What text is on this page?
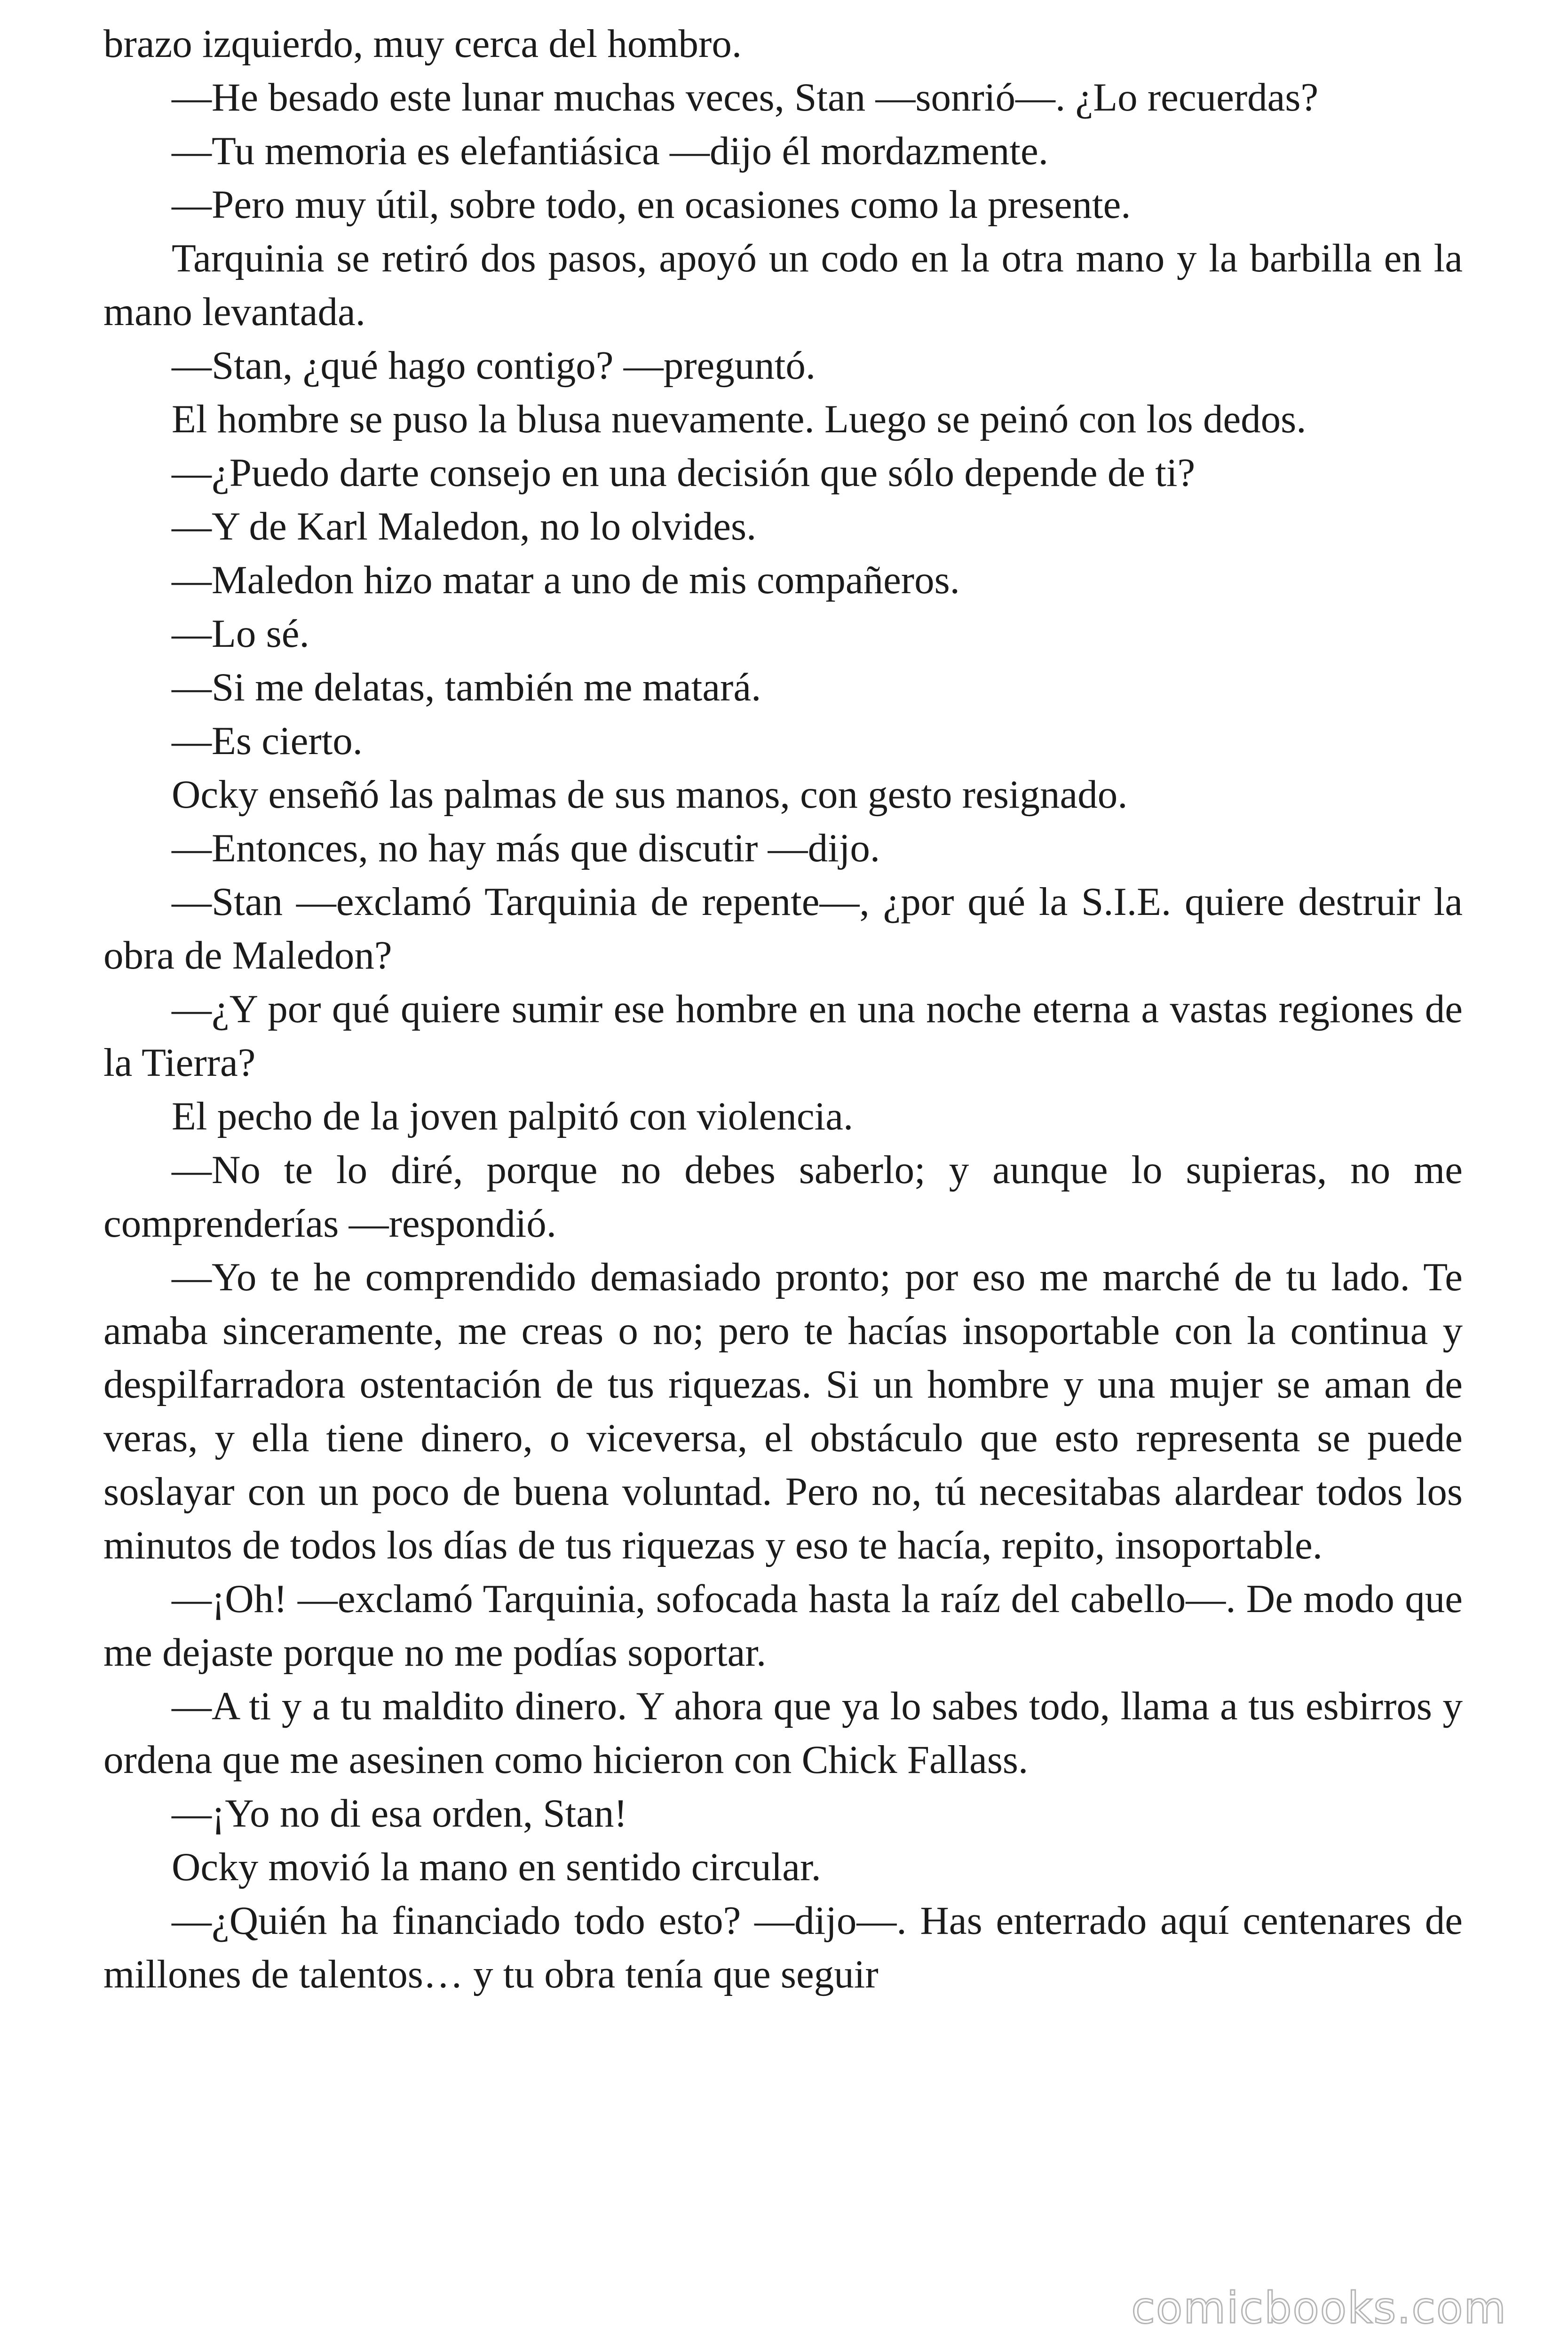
brazo izquierdo, muy cerca del hombro.

—He besado este lunar muchas veces, Stan —sonrió—. ¿Lo recuerdas?

—Tu memoria es elefantiásica —dijo él mordazmente.

—Pero muy útil, sobre todo, en ocasiones como la presente.

Tarquinia se retiró dos pasos, apoyó un codo en la otra mano y la barbilla en la mano levantada.

—Stan, ¿qué hago contigo? —preguntó.

El hombre se puso la blusa nuevamente. Luego se peinó con los dedos.

—¿Puedo darte consejo en una decisión que sólo depende de ti?

—Y de Karl Maledon, no lo olvides.

—Maledon hizo matar a uno de mis compañeros.

—Lo sé.

—Si me delatas, también me matará.

—Es cierto.

Ocky enseñó las palmas de sus manos, con gesto resignado.

—Entonces, no hay más que discutir —dijo.

—Stan —exclamó Tarquinia de repente—, ¿por qué la S.I.E. quiere destruir la obra de Maledon?

—¿Y por qué quiere sumir ese hombre en una noche eterna a vastas regiones de la Tierra?

El pecho de la joven palpitó con violencia.

—No te lo diré, porque no debes saberlo; y aunque lo supieras, no me comprenderías —respondió.

—Yo te he comprendido demasiado pronto; por eso me marché de tu lado. Te amaba sinceramente, me creas o no; pero te hacías insoportable con la continua y despilfarradora ostentación de tus riquezas. Si un hombre y una mujer se aman de veras, y ella tiene dinero, o viceversa, el obstáculo que esto representa se puede soslayar con un poco de buena voluntad. Pero no, tú necesitabas alardear todos los minutos de todos los días de tus riquezas y eso te hacía, repito, insoportable.

—¡Oh! —exclamó Tarquinia, sofocada hasta la raíz del cabello—. De modo que me dejaste porque no me podías soportar.

—A ti y a tu maldito dinero. Y ahora que ya lo sabes todo, llama a tus esbirros y ordena que me asesinen como hicieron con Chick Fallass.

—¡Yo no di esa orden, Stan!

Ocky movió la mano en sentido circular.

—¿Quién ha financiado todo esto? —dijo—. Has enterrado aquí centenares de millones de talentos… y tu obra tenía que seguir

comicbooks.com
